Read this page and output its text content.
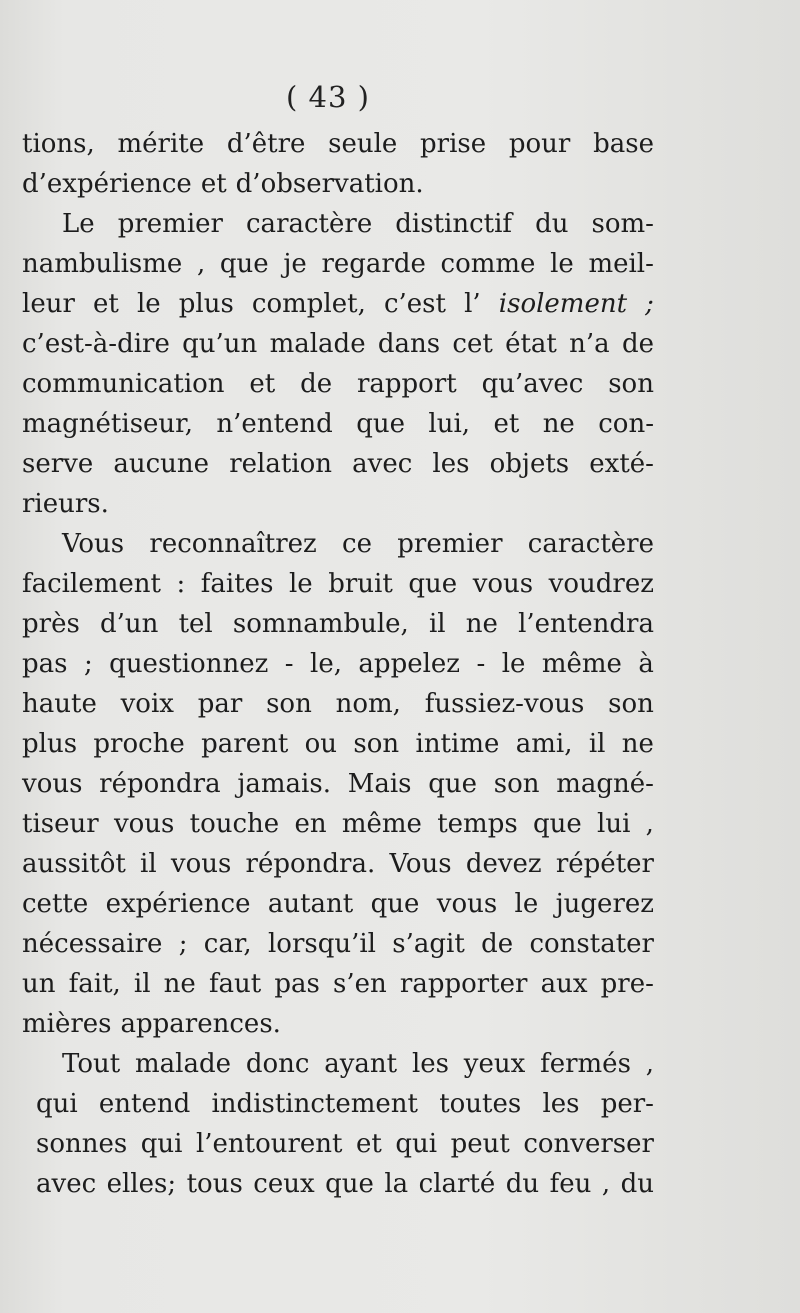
( 43 )
tions, mérite d’être seule prise pour base
d’expérience et d’observation.
Le premier caractère distinctif du som-
nambulisme , que je regarde comme le meil-
leur et le plus complet, c’est l’ isolement ;
c’est-à-dire qu’un malade dans cet état n’a de
communication et de rapport qu’avec son
magnétiseur, n’entend que lui, et ne con-
serve aucune relation avec les objets exté-
rieurs.
Vous reconnaîtrez ce premier caractère
facilement : faites le bruit que vous voudrez
près d’un tel somnambule, il ne l’entendra
pas ; questionnez - le, appelez - le même à
haute voix par son nom, fussiez-vous son
plus proche parent ou son intime ami, il ne
vous répondra jamais. Mais que son magné-
tiseur vous touche en même temps que lui ,
aussitôt il vous répondra. Vous devez répéter
cette expérience autant que vous le jugerez
nécessaire ; car, lorsqu’il s’agit de constater
un fait, il ne faut pas s’en rapporter aux pre-
mières apparences.
Tout malade donc ayant les yeux fermés ,
qui entend indistinctement toutes les per-
sonnes qui l’entourent et qui peut converser
avec elles; tous ceux que la clarté du feu , du
